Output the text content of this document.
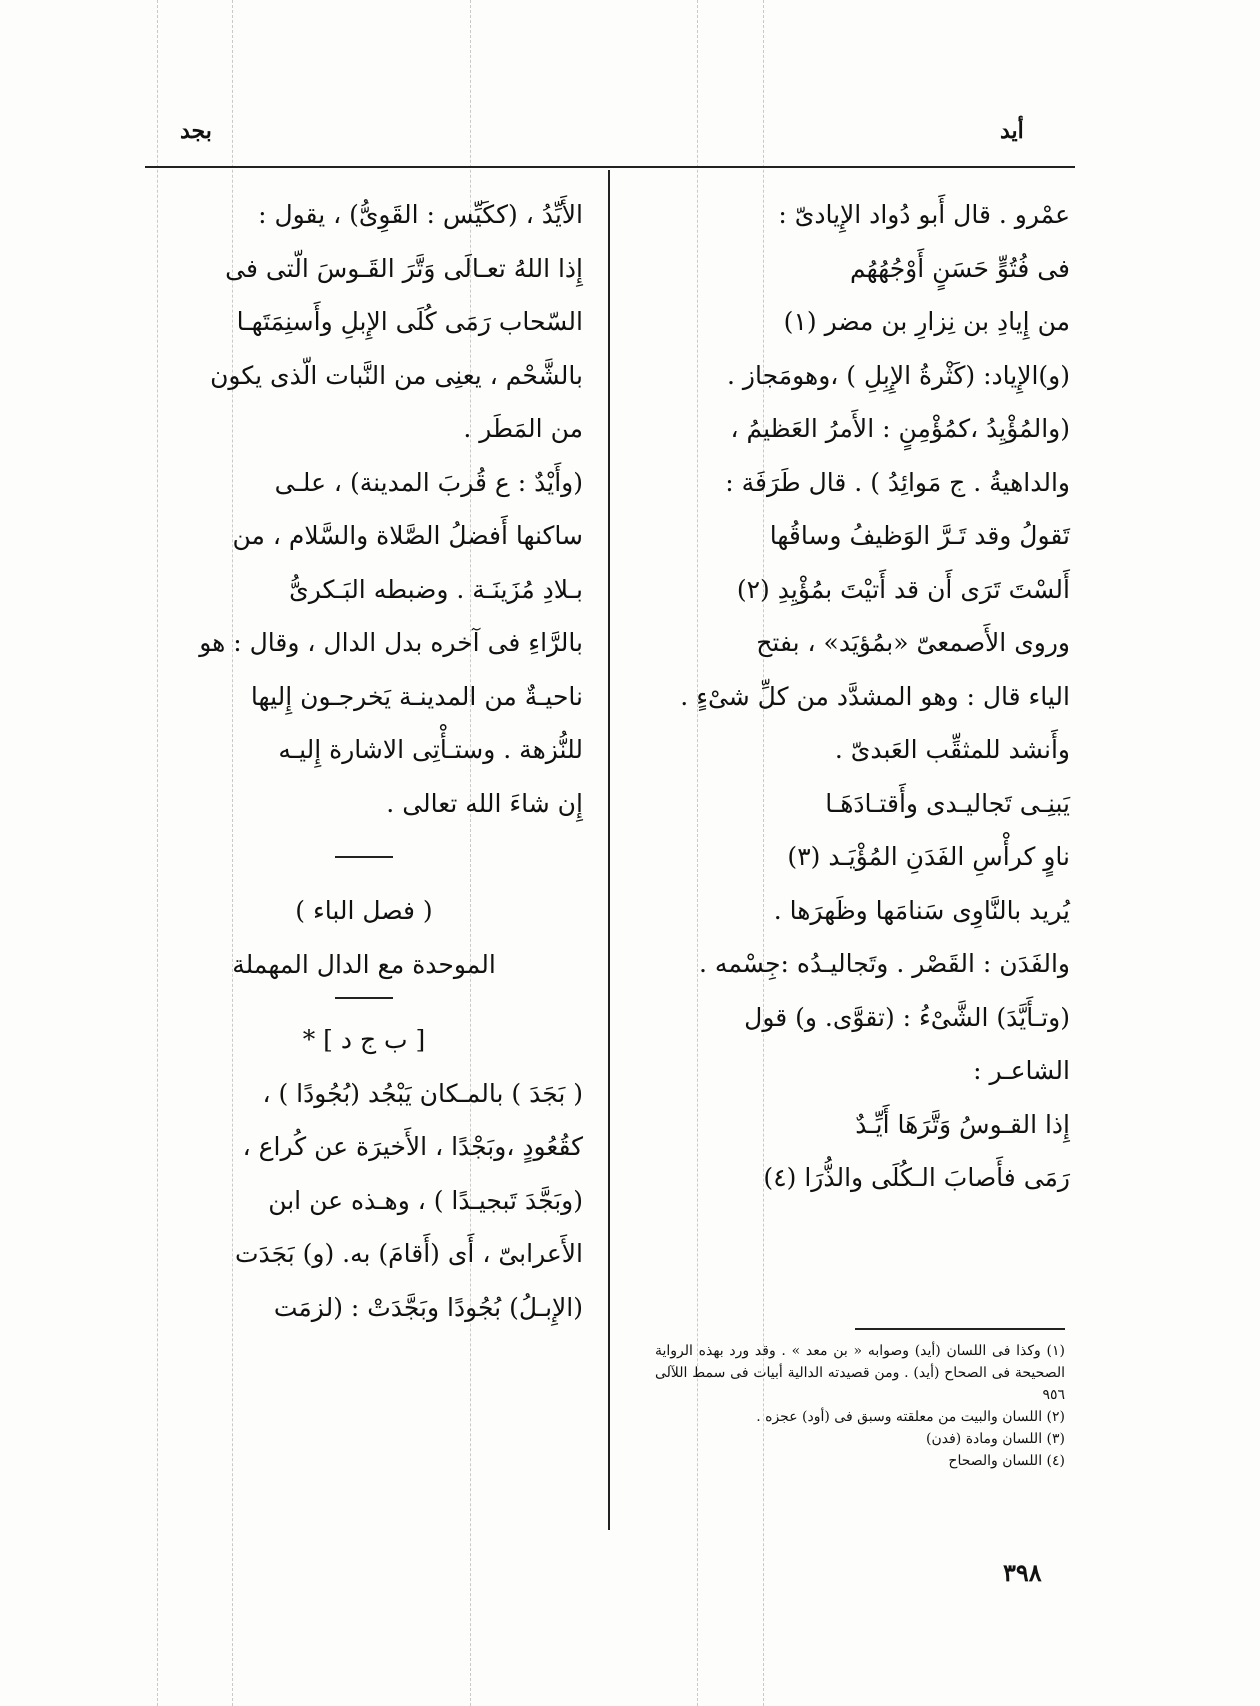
بجد	أيد

عمْرو . قال أَبو دُواد الإِيادىّ :

فى فُتُوٍّ حَسَنٍ أَوْجُهُهُم

من إِيادِ بن نِزارِ بن مضر (١)

(و)الإِياد: (كَثْرةُ الإِبِلِ ) ،وهومَجاز .

(والمُؤْيِدُ ،كمُؤْمِنٍ : الأَمرُ العَظيمُ ،

والداهيةُ . ج مَوائِدُ ) . قال طَرَفَة :

تَقولُ وقد تَـرَّ الوَظيفُ وساقُها

أَلسْتَ تَرَى أَن قد أَتيْتَ بمُؤْيِدِ (٢)

وروى الأَصمعىّ «بمُؤيَد» ، بفتح

الياء قال : وهو المشدَّد من كلِّ شىْءٍ .

وأَنشد للمثقِّب العَبدىّ .

يَبنِـى تَجاليـدى وأَقتـادَهَـا

ناوٍ كرأْسِ الفَدَنِ المُؤْيَـد (٣)

يُريد بالنَّاوِى سَنامَها وظَهرَها .

والفَدَن : القَصْر . وتَجاليـدُه :جِسْمه .

(وتـأَيَّدَ) الشَّىْءُ : (تقوَّى. و) قول

الشاعـر :

إِذا القـوسُ وَتَّرَهَا أَيِّـدٌ

رَمَى فأَصابَ الـكُلَى والذُّرَا (٤)

الأَيِّدُ ، (ككَيِّس : القَوِىُّ) ، يقول :

إِذا اللهُ تعـالَى وَتَّرَ القَـوسَ الّتى فى

السّحاب رَمَى كُلَى الإِبلِ وأَسنِمَتَهـا

بالشَّحْم ، يعنِى من النَّبات الّذى يكون

من المَطَر .

(وأَيْدٌ : ع قُربَ المدينة) ، علـى

ساكنها أَفضلُ الصَّلاة والسَّلام ، من

بـلادِ مُزَينَـة . وضبطه البَـكرىُّ

بالرَّاءِ فى آخره بدل الدال ، وقال : هو

ناحيـةٌ من المدينـة يَخرجـون إِليها

للنُّزهة . وستـأْتِى الاشارة إِليـه

إِن شاءَ الله تعالى .

( فصل الباء )

الموحدة مع الدال المهملة

[ ب ج د ] *

( بَجَدَ ) بالمـكان يَبْجُد (بُجُودًا ) ،

كقُعُودٍ ،وبَجْدًا ، الأَخيرَة عن كُراع ،

(وبَجَّدَ تَبجيـدًا ) ، وهـذه عن ابن

الأَعرابىّ ، أَى (أَقامَ) به. (و) بَجَدَت

(الإِبـلُ) بُجُودًا وبَجَّدَتْ : (لزمَت

(١) وكذا فى اللسان (أيد) وصوابه « بن معد » . وقد ورد بهذه الرواية الصحيحة فى الصحاح (أيد) . ومن قصيدته الدالية أبيات فى سمط اللآلى ٩٥٦

(٢) اللسان والبيت من معلقته وسبق فى (أود) عجزه .

(٣) اللسان ومادة (فدن)

(٤) اللسان والصحاح

٣٩٨
